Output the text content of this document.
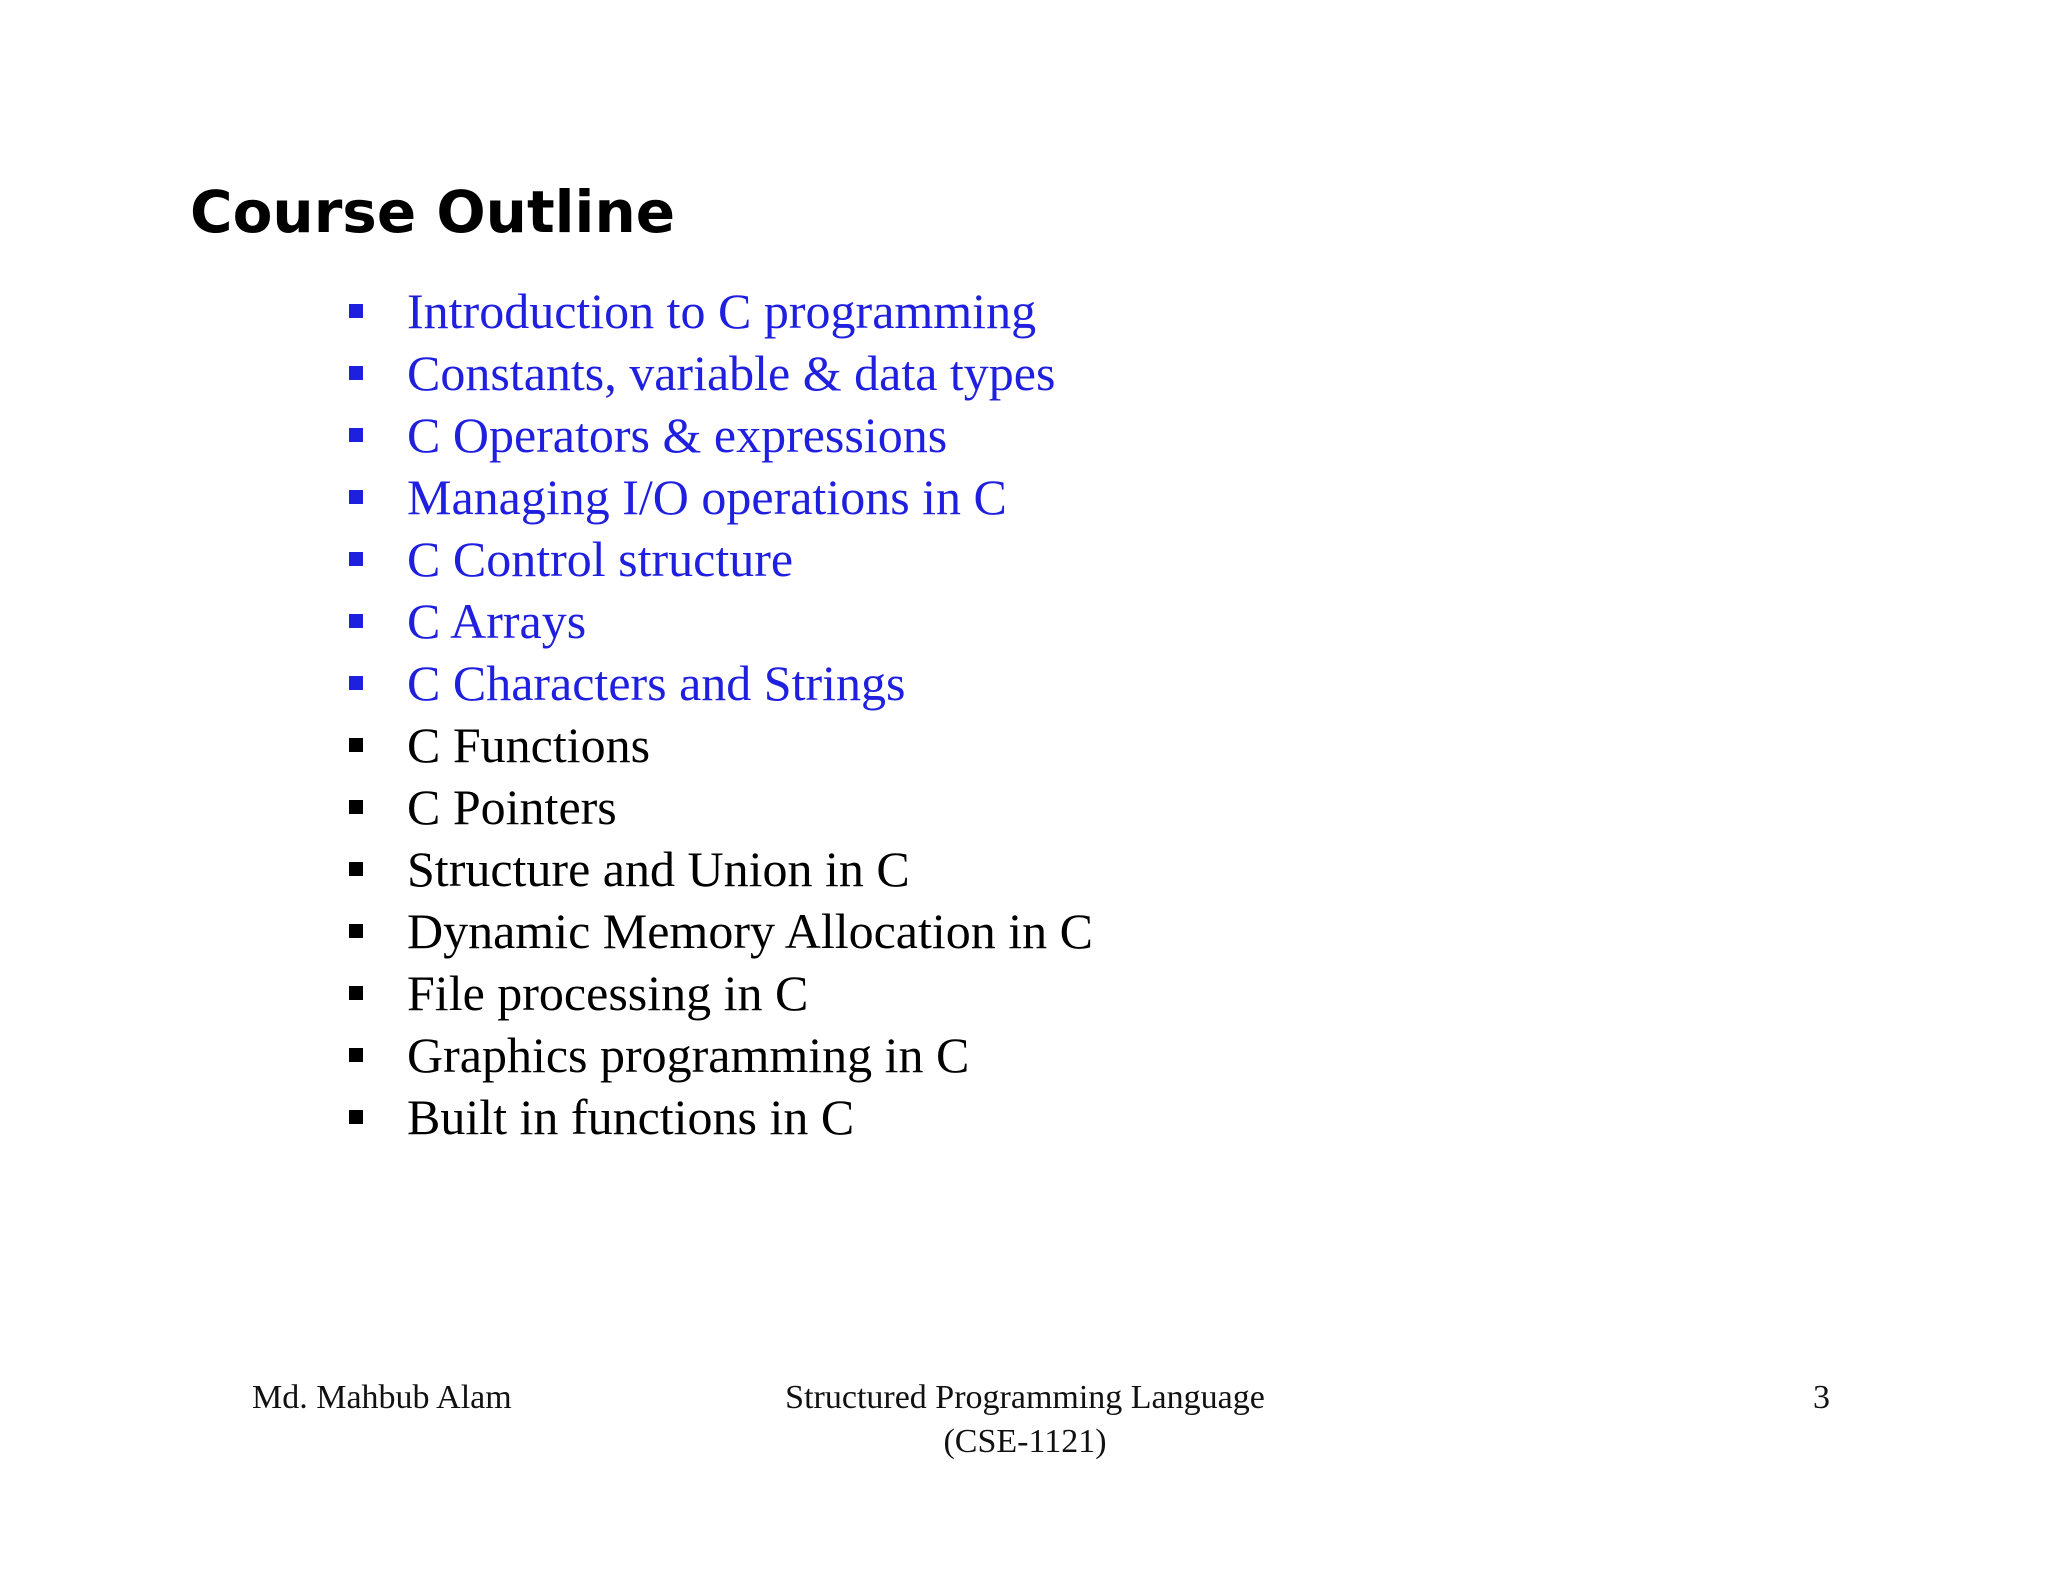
Course Outline
Introduction to C programming
Constants, variable & data types
C Operators & expressions
Managing I/O operations in C
C Control structure
C Arrays
C Characters and Strings
C Functions
C Pointers
Structure and Union in C
Dynamic Memory Allocation in C
File processing in C
Graphics programming in C
Built in functions in C
Md. Mahbub Alam	Structured Programming Language
(CSE-1121)
3
